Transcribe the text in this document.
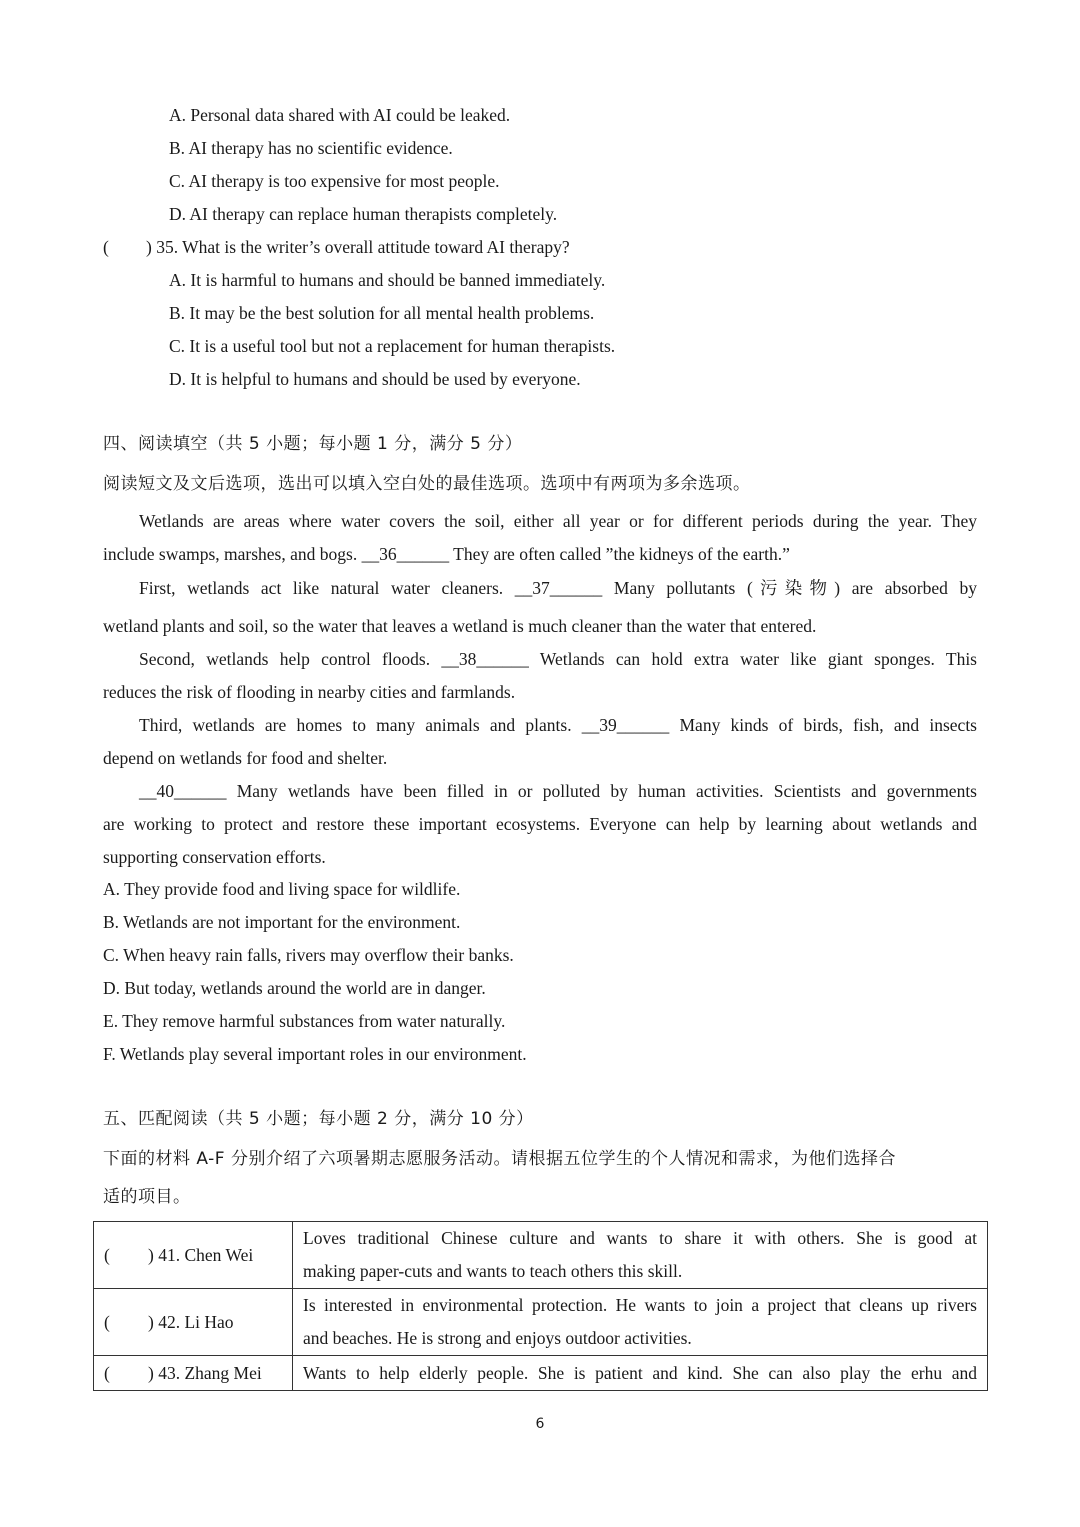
A. Personal data shared with AI could be leaked.
B. AI therapy has no scientific evidence.
C. AI therapy is too expensive for most people.
D. AI therapy can replace human therapists completely.
( ) 35. What is the writer’s overall attitude toward AI therapy?
A. It is harmful to humans and should be banned immediately.
B. It may be the best solution for all mental health problems.
C. It is a useful tool but not a replacement for human therapists.
D. It is helpful to humans and should be used by everyone.
四、阅读填空（共 5 小题；每小题 1 分，满分 5 分）
阅读短文及文后选项，选出可以填入空白处的最佳选项。选项中有两项为多余选项。
Wetlands are areas where water covers the soil, either all year or for different periods during the year. They
include swamps, marshes, and bogs. __36______ They are often called ”the kidneys of the earth.”
First, wetlands act like natural water cleaners. __37______ Many pollutants (污染物) are absorbed by
wetland plants and soil, so the water that leaves a wetland is much cleaner than the water that entered.
Second, wetlands help control floods. __38______ Wetlands can hold extra water like giant sponges. This
reduces the risk of flooding in nearby cities and farmlands.
Third, wetlands are homes to many animals and plants. __39______ Many kinds of birds, fish, and insects
depend on wetlands for food and shelter.
__40______ Many wetlands have been filled in or polluted by human activities. Scientists and governments
are working to protect and restore these important ecosystems. Everyone can help by learning about wetlands and
supporting conservation efforts.
A. They provide food and living space for wildlife.
B. Wetlands are not important for the environment.
C. When heavy rain falls, rivers may overflow their banks.
D. But today, wetlands around the world are in danger.
E. They remove harmful substances from water naturally.
F. Wetlands play several important roles in our environment.
五、匹配阅读（共 5 小题；每小题 2 分，满分 10 分）
下面的材料 A-F 分别介绍了六项暑期志愿服务活动。请根据五位学生的个人情况和需求，为他们选择合
适的项目。
( ) 41. Chen Wei	Loves traditional Chinese culture and wants to share it with others. She is good at
making paper-cuts and wants to teach others this skill.

( ) 42. Li Hao	Is interested in environmental protection. He wants to join a project that cleans up rivers
and beaches. He is strong and enjoys outdoor activities.

( ) 43. Zhang Mei	Wants to help elderly people. She is patient and kind. She can also play the erhu and
6
